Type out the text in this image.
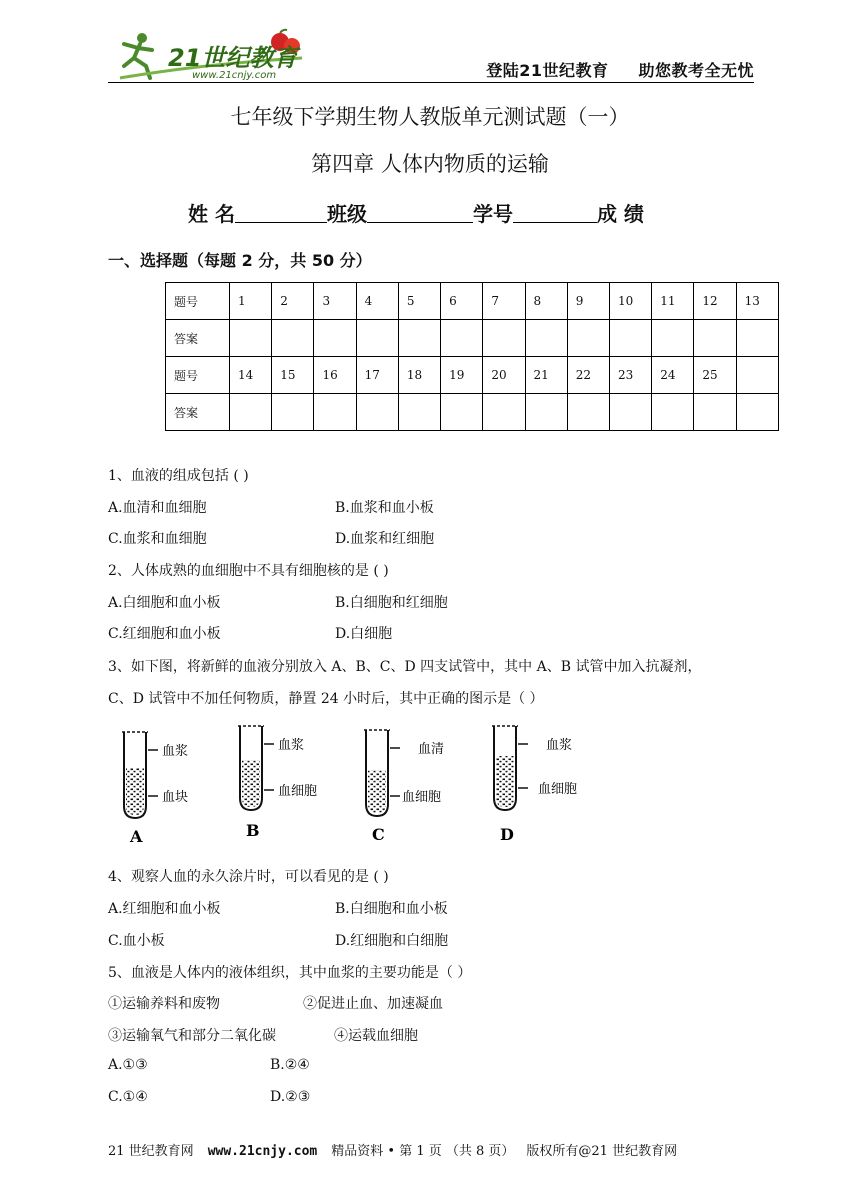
21世纪教育
www.21cnjy.com	登陆21世纪教育 助您教考全无忧
七年级下学期生物人教版单元测试题（一）
第四章 人体内物质的运输
姓 名	班级	学号	成 绩
一、选择题（每题 2 分，共 50 分）
题号	1	2	3	4	5	6	7	8	9	10	11	12	13
答案													
题号	14	15	16	17	18	19	20	21	22	23	24	25	
答案													
1、血液的组成包括 ( )
A.血清和血细胞	B.血浆和血小板
C.血浆和血细胞	D.血浆和红细胞
2、人体成熟的血细胞中不具有细胞核的是 ( )
A.白细胞和血小板	B.白细胞和红细胞
C.红细胞和血小板	D.白细胞
3、如下图，将新鲜的血液分别放入 A、B、C、D 四支试管中，其中 A、B 试管中加入抗凝剂，
C、D 试管中不加任何物质，静置 24 小时后，其中正确的图示是（ ）
血浆
血块
A
血浆
血细胞
B
血清
血细胞
C
血浆
血细胞
D
4、观察人血的永久涂片时，可以看见的是 ( )
A.红细胞和血小板	B.白细胞和血小板
C.血小板	D.红细胞和白细胞
5、血液是人体内的液体组织，其中血浆的主要功能是（ ）
①运输养料和废物	②促进止血、加速凝血
③运输氧气和部分二氧化碳	④运载血细胞
A.①③	B.②④
C.①④	D.②③
21 世纪教育网 www.21cnjy.com 精品资料 • 第 1 页 （共 8 页） 版权所有@21 世纪教育网
